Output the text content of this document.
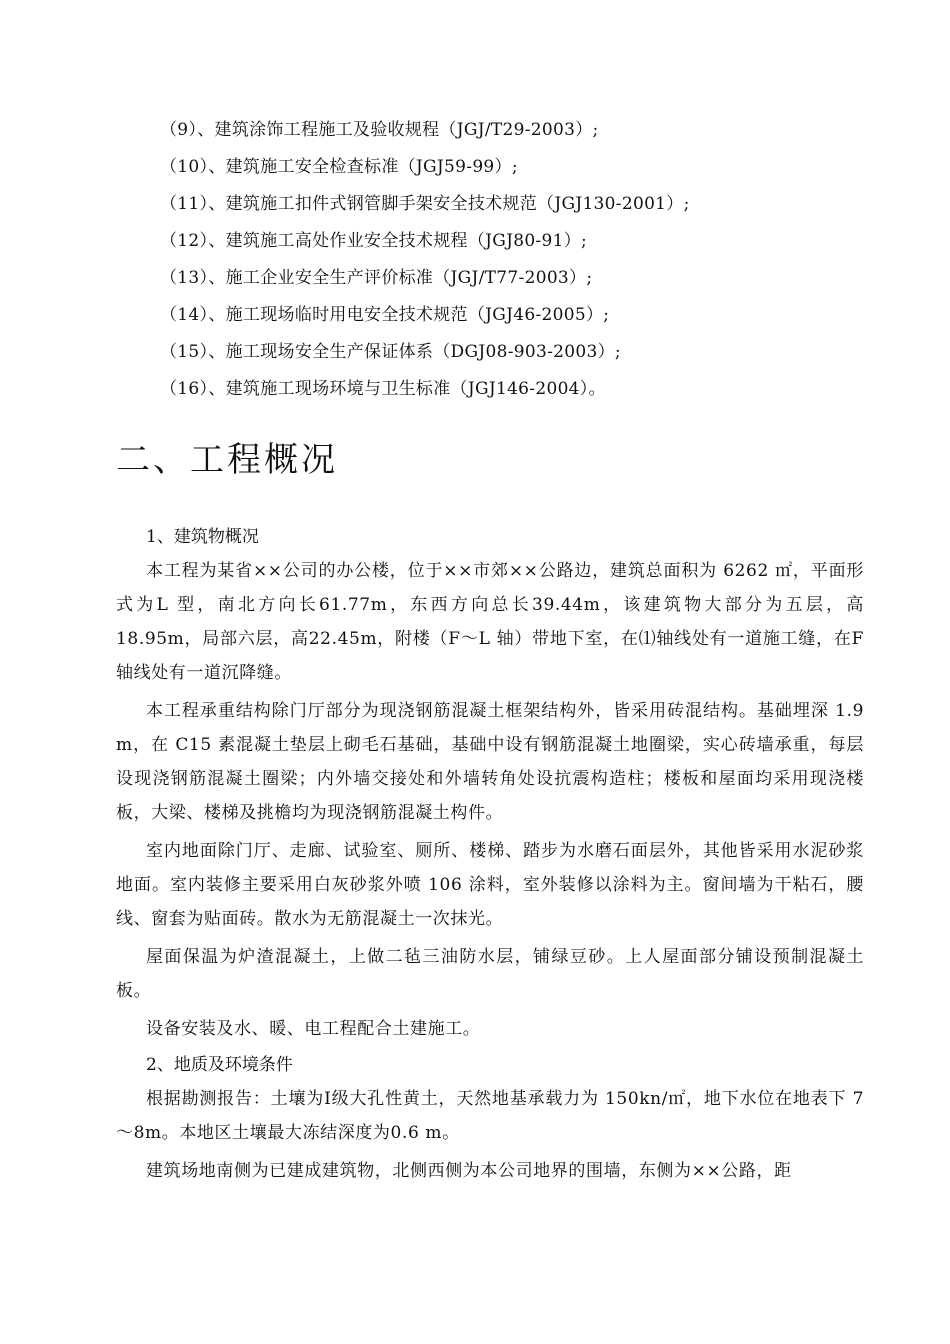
（9）、建筑涂饰工程施工及验收规程（JGJ/T29-2003）;
（10）、建筑施工安全检查标准（JGJ59-99）;
（11）、建筑施工扣件式钢管脚手架安全技术规范（JGJ130-2001）;
（12）、建筑施工高处作业安全技术规程（JGJ80-91）;
（13）、施工企业安全生产评价标准（JGJ/T77-2003）;
（14）、施工现场临时用电安全技术规范（JGJ46-2005）;
（15）、施工现场安全生产保证体系（DGJ08-903-2003）;
（16）、建筑施工现场环境与卫生标准（JGJ146-2004）。
二、工程概况

1、建筑物概况

本工程为某省××公司的办公楼，位于××市郊××公路边，建筑总面积为 6262 ㎡，平面形式为L 型，南北方向长61.77m，东西方向总长39.44m，该建筑物大部分为五层，高 18.95m，局部六层，高22.45m，附楼（F～L 轴）带地下室，在⑴轴线处有一道施工缝，在F 轴线处有一道沉降缝。

本工程承重结构除门厅部分为现浇钢筋混凝土框架结构外，皆采用砖混结构。基础埋深 1.9 m，在 C15 素混凝土垫层上砌毛石基础，基础中设有钢筋混凝土地圈梁，实心砖墙承重，每层设现浇钢筋混凝土圈梁；内外墙交接处和外墙转角处设抗震构造柱；楼板和屋面均采用现浇楼板，大梁、楼梯及挑檐均为现浇钢筋混凝土构件。

室内地面除门厅、走廊、试验室、厕所、楼梯、踏步为水磨石面层外，其他皆采用水泥砂浆地面。室内装修主要采用白灰砂浆外喷 106 涂料，室外装修以涂料为主。窗间墙为干粘石，腰线、窗套为贴面砖。散水为无筋混凝土一次抹光。

屋面保温为炉渣混凝土，上做二毡三油防水层，铺绿豆砂。上人屋面部分铺设预制混凝土板。

设备安装及水、暖、电工程配合土建施工。

2、地质及环境条件

根据勘测报告：土壤为Ⅰ级大孔性黄土，天然地基承载力为 150kn/㎡，地下水位在地表下 7～8m。本地区土壤最大冻结深度为0.6 m。

建筑场地南侧为已建成建筑物，北侧西侧为本公司地界的围墙，东侧为××公路，距
